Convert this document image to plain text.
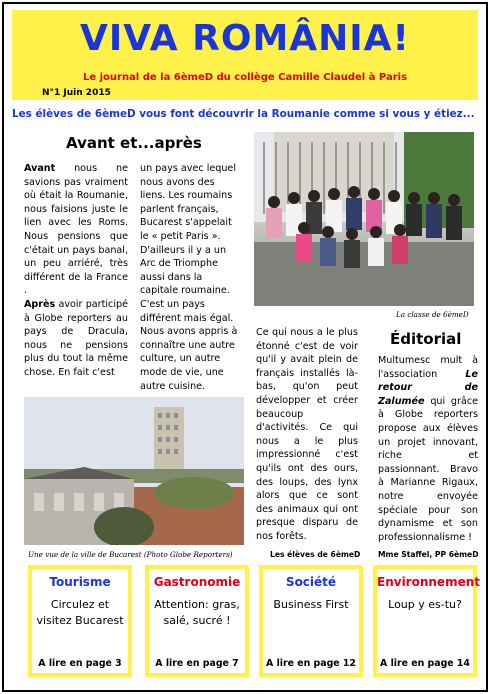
VIVA ROMÂNIA!
Le journal de la 6èmeD du collège Camille Claudel à Paris
N°1 Juin 2015
Les élèves de 6èmeD vous font découvrir la Roumanie comme si vous y étiez...
Avant et...après
Avant nous ne savions pas vraiment où était la Roumanie, nous faisions juste le lien avec les Roms. Nous pensions que c'était un pays banal, un peu arriéré, très différent de la France .
Après avoir participé à Globe reporters au pays de Dracula, nous ne pensions plus du tout la même chose. En fait c'est
un pays avec lequel nous avons des liens. Les roumains parlent français, Bucarest s'appelait le « petit Paris ». D'ailleurs il y a un Arc de Triomphe aussi dans la capitale roumaine. C'est un pays différent mais égal. Nous avons appris à connaître une autre culture, un autre mode de vie, une autre cuisine.
La classe de 6èmeD
Ce qui nous a le plus étonné c'est de voir qu'il y avait plein de français installés là-bas, qu'on peut développer et créer beaucoup d'activités. Ce qui nous a le plus impressionné c'est qu'ils ont des ours, des loups, des lynx alors que ce sont des animaux qui ont presque disparu de nos forêts.
Éditorial
Multumesc mult à l'association Le retour de Zalumée qui grâce à Globe reporters propose aux élèves un projet innovant, riche et passionnant. Bravo à Marianne Rigaux, notre envoyée spéciale pour son dynamisme et son professionnalisme !
Une vue de la ville de Bucarest (Photo Globe Reporters)	Les élèves de 6èmeD Mme Staffel, PP 6èmeD
Tourisme
Circulez et visitez Bucarest
A lire en page 3
Gastronomie
Attention: gras, salé, sucré !
A lire en page 7
Société
Business First
A lire en page 12
Environnement
Loup y es-tu?
A lire en page 14
